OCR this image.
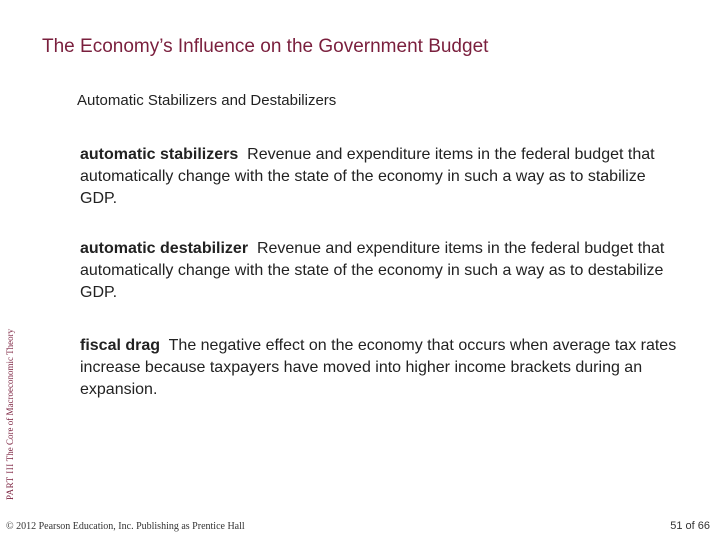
The Economy’s Influence on the Government Budget
Automatic Stabilizers and Destabilizers
automatic stabilizers Revenue and expenditure items in the federal budget that automatically change with the state of the economy in such a way as to stabilize GDP.
automatic destabilizer Revenue and expenditure items in the federal budget that automatically change with the state of the economy in such a way as to destabilize GDP.
fiscal drag The negative effect on the economy that occurs when average tax rates increase because taxpayers have moved into higher income brackets during an expansion.
PART III The Core of Macroeconomic Theory
© 2012 Pearson Education, Inc. Publishing as Prentice Hall	51 of 66
